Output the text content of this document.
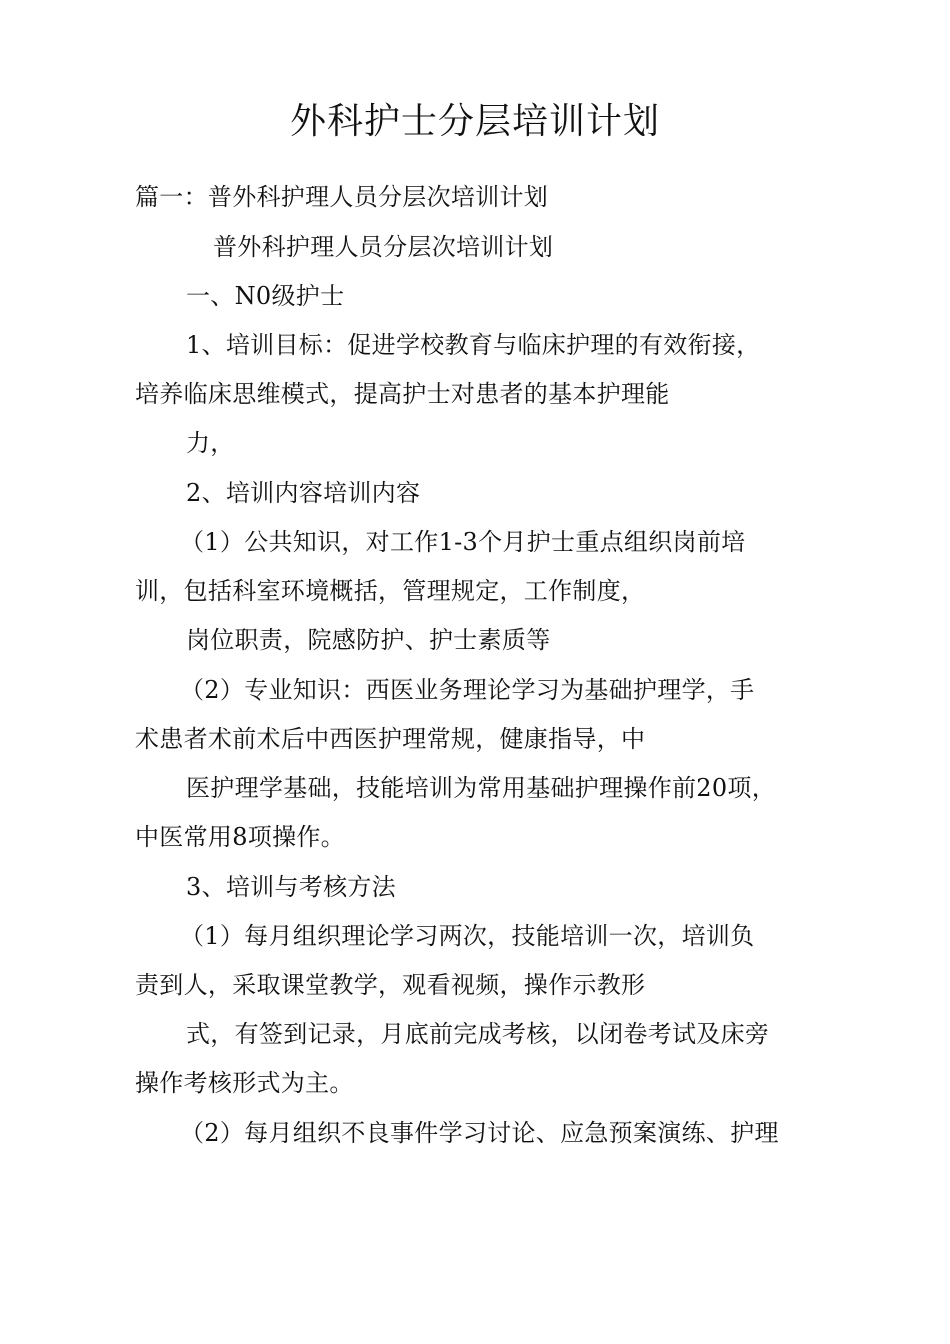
外科护士分层培训计划
篇一：普外科护理人员分层次培训计划
普外科护理人员分层次培训计划
一、N0级护士
1、培训目标：促进学校教育与临床护理的有效衔接，
培养临床思维模式，提高护士对患者的基本护理能
力，
2、培训内容培训内容
（1）公共知识，对工作1-3个月护士重点组织岗前培
训，包括科室环境概括，管理规定，工作制度，
岗位职责，院感防护、护士素质等
（2）专业知识：西医业务理论学习为基础护理学，手
术患者术前术后中西医护理常规，健康指导，中
医护理学基础，技能培训为常用基础护理操作前20项，
中医常用8项操作。
3、培训与考核方法
（1）每月组织理论学习两次，技能培训一次，培训负
责到人，采取课堂教学，观看视频，操作示教形
式，有签到记录，月底前完成考核，以闭卷考试及床旁
操作考核形式为主。
（2）每月组织不良事件学习讨论、应急预案演练、护理
